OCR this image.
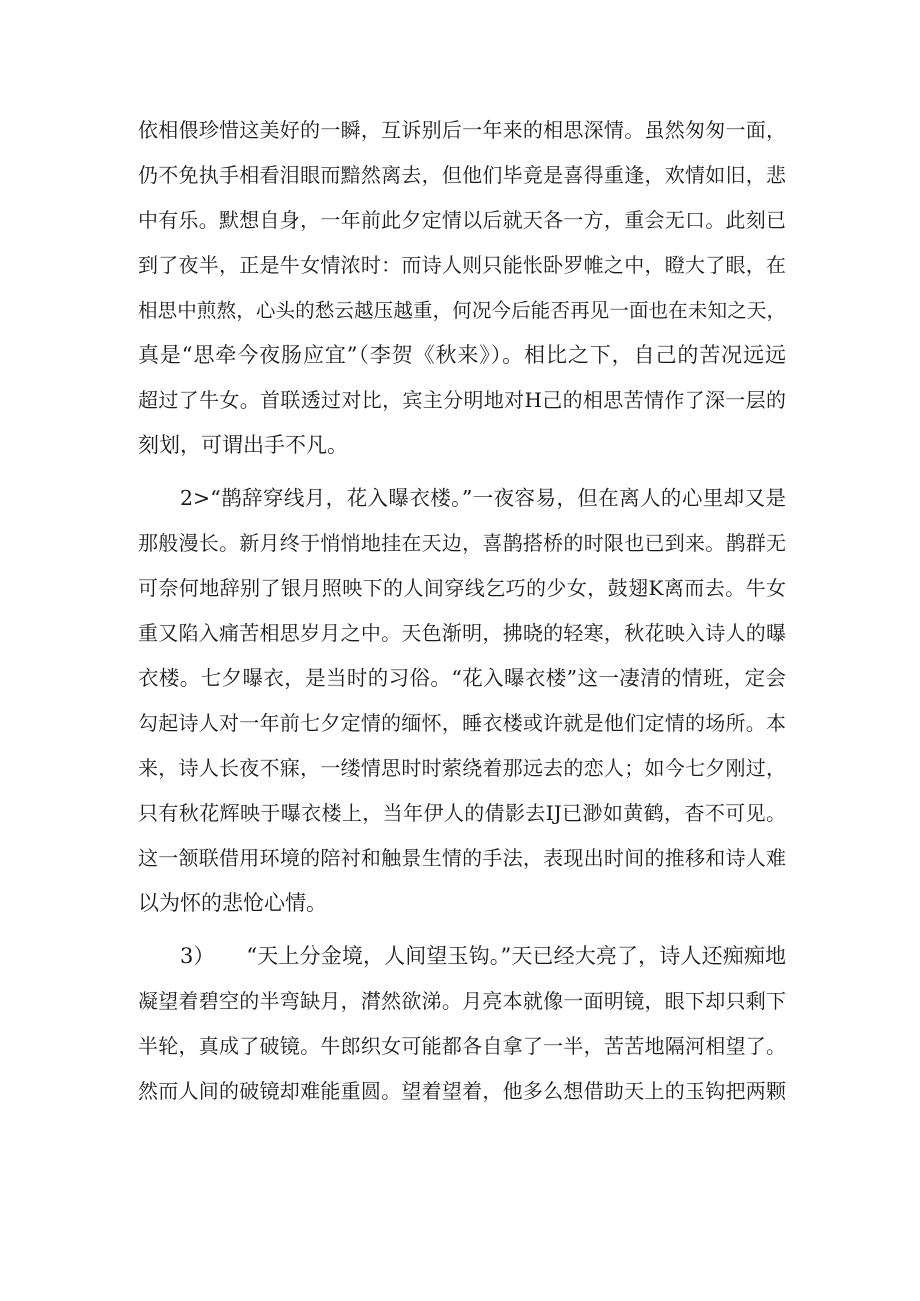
依相偎珍惜这美好的一瞬，互诉别后一年来的相思深情。虽然匆匆一面，
仍不免执手相看泪眼而黯然离去，但他们毕竟是喜得重逢，欢情如旧，悲
中有乐。默想自身，一年前此夕定情以后就天各一方，重会无口。此刻已
到了夜半，正是牛女情浓时：而诗人则只能怅卧罗帷之中，瞪大了眼，在
相思中煎熬，心头的愁云越压越重，何况今后能否再见一面也在未知之天，
真是“思牵今夜肠应宜”（李贺《秋来》）。相比之下，自己的苦况远远
超过了牛女。首联透过对比，宾主分明地对H己的相思苦情作了深一层的
刻划，可谓出手不凡。
2>“鹊辞穿线月，花入曝衣楼。”一夜容易，但在离人的心里却又是
那般漫长。新月终于悄悄地挂在天边，喜鹊搭桥的时限也已到来。鹊群无
可奈何地辞别了银月照映下的人间穿线乞巧的少女，鼓翅K离而去。牛女
重又陷入痛苦相思岁月之中。天色渐明，拂晓的轻寒，秋花映入诗人的曝
衣楼。七夕曝衣，是当时的习俗。“花入曝衣楼”这一凄清的情班，定会
勾起诗人对一年前七夕定情的缅怀，睡衣楼或许就是他们定情的场所。本
来，诗人长夜不寐，一缕情思时时萦绕着那远去的恋人；如今七夕刚过，
只有秋花辉映于曝衣楼上，当年伊人的倩影去IJ已渺如黄鹤，杳不可见。
这一颔联借用环境的陪衬和触景生情的手法，表现出时间的推移和诗人难
以为怀的悲怆心情。
3）　　“天上分金境，人间望玉钩。”天已经大亮了，诗人还痴痴地
凝望着碧空的半弯缺月，潸然欲涕。月亮本就像一面明镜，眼下却只剩下
半轮，真成了破镜。牛郎织女可能都各自拿了一半，苦苦地隔河相望了。
然而人间的破镜却难能重圆。望着望着，他多么想借助天上的玉钩把两颗
